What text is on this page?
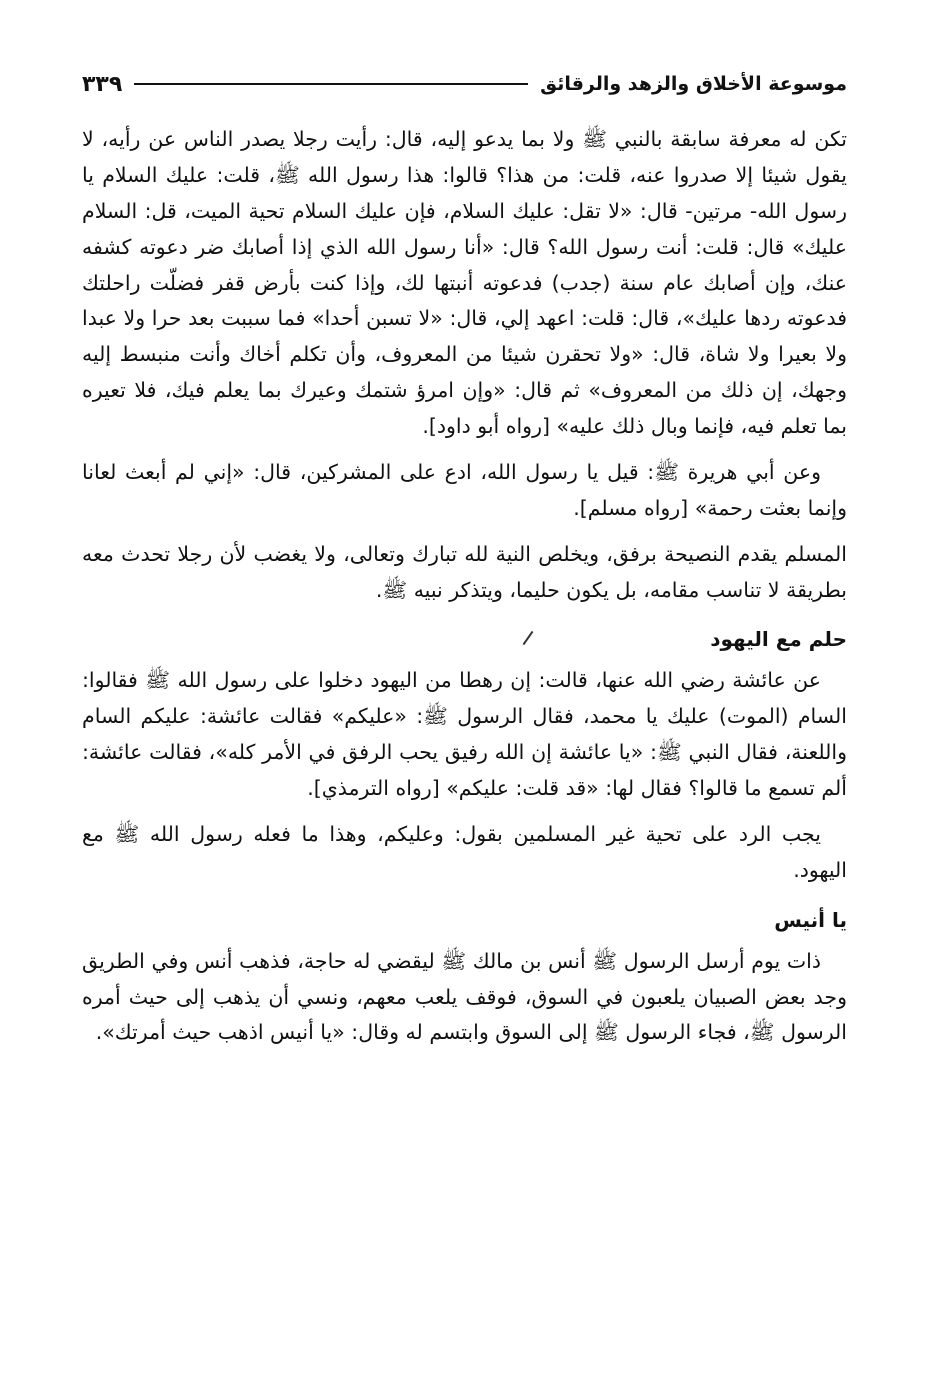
موسوعة الأخلاق والزهد والرقائق
٣٣٩

تكن له معرفة سابقة بالنبي ﷺ ولا بما يدعو إليه، قال: رأيت رجلا يصدر الناس عن رأيه، لا يقول شيئا إلا صدروا عنه، قلت: من هذا؟ قالوا: هذا رسول الله ﷺ، قلت: عليك السلام يا رسول الله- مرتين- قال: «لا تقل: عليك السلام، فإن عليك السلام تحية الميت، قل: السلام عليك» قال: قلت: أنت رسول الله؟ قال: «أنا رسول الله الذي إذا أصابك ضر دعوته كشفه عنك، وإن أصابك عام سنة (جدب) فدعوته أنبتها لك، وإذا كنت بأرض قفر فضلّت راحلتك فدعوته ردها عليك»، قال: قلت: اعهد إلي، قال: «لا تسبن أحدا» فما سببت بعد حرا ولا عبدا ولا بعيرا ولا شاة، قال: «ولا تحقرن شيئا من المعروف، وأن تكلم أخاك وأنت منبسط إليه وجهك، إن ذلك من المعروف» ثم قال: «وإن امرؤ شتمك وعيرك بما يعلم فيك، فلا تعيره بما تعلم فيه، فإنما وبال ذلك عليه» [رواه أبو داود].

وعن أبي هريرة ﷺ: قيل يا رسول الله، ادع على المشركين، قال: «إني لم أبعث لعانا وإنما بعثت رحمة» [رواه مسلم].

المسلم يقدم النصيحة برفق، ويخلص النية لله تبارك وتعالى، ولا يغضب لأن رجلا تحدث معه بطريقة لا تناسب مقامه، بل يكون حليما، ويتذكر نبيه ﷺ.

حلم مع اليهود

عن عائشة رضي الله عنها، قالت: إن رهطا من اليهود دخلوا على رسول الله ﷺ فقالوا: السام (الموت) عليك يا محمد، فقال الرسول ﷺ: «عليكم» فقالت عائشة: عليكم السام واللعنة، فقال النبي ﷺ: «يا عائشة إن الله رفيق يحب الرفق في الأمر كله»، فقالت عائشة: ألم تسمع ما قالوا؟ فقال لها: «قد قلت: عليكم» [رواه الترمذي].

يجب الرد على تحية غير المسلمين بقول: وعليكم، وهذا ما فعله رسول الله ﷺ مع اليهود.

يا أنيس

ذات يوم أرسل الرسول ﷺ أنس بن مالك ﷺ ليقضي له حاجة، فذهب أنس وفي الطريق وجد بعض الصبيان يلعبون في السوق، فوقف يلعب معهم، ونسي أن يذهب إلى حيث أمره الرسول ﷺ، فجاء الرسول ﷺ إلى السوق وابتسم له وقال: «يا أنيس اذهب حيث أمرتك».
